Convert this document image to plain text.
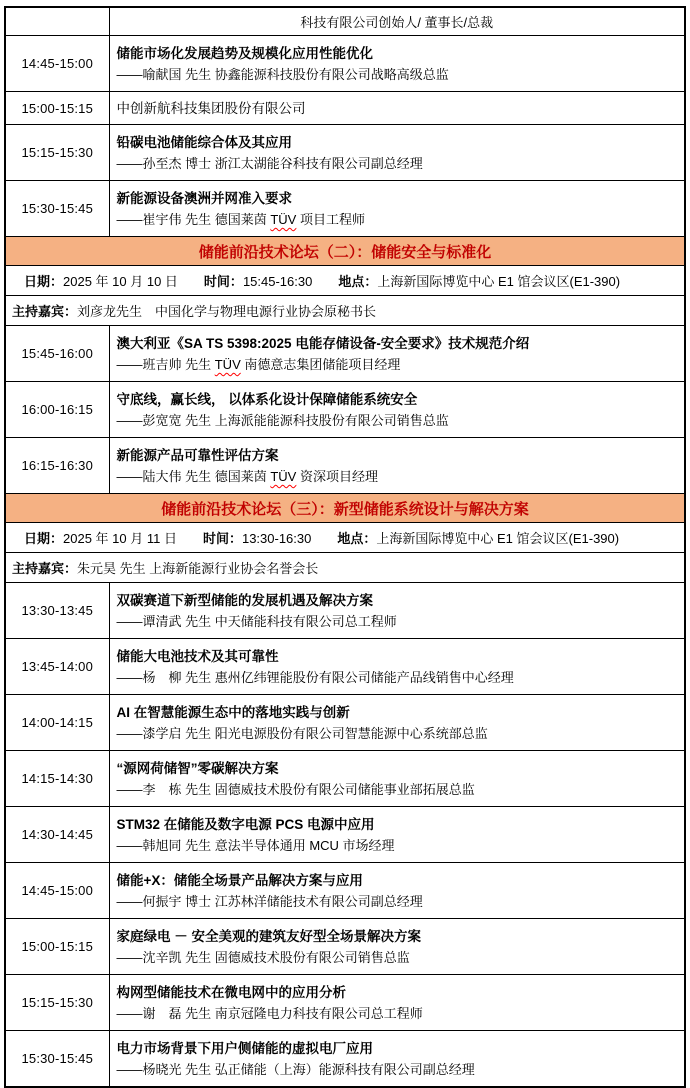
	科技有限公司创始人/ 董事长/总裁
14:45-15:00	储能市场化发展趋势及规模化应用性能优化
——喻献国 先生 协鑫能源科技股份有限公司战略高级总监

15:00-15:15	中创新航科技集团股份有限公司

15:15-15:30	铅碳电池储能综合体及其应用
——孙至杰 博士 浙江太湖能谷科技有限公司副总经理

15:30-15:45	新能源设备澳洲并网准入要求
——崔宇伟 先生 德国莱茵 TÜV 项目工程师

储能前沿技术论坛（二）：储能安全与标准化	
日期：2025 年 10 月 10 日 时间：15:45-16:30 地点：上海新国际博览中心 E1 馆会议区(E1-390)	
主持嘉宾：刘彦龙先生　中国化学与物理电源行业协会原秘书长	
15:45-16:00	澳大利亚《SA TS 5398:2025 电能存储设备-安全要求》技术规范介绍
——班吉帅 先生 TÜV 南德意志集团储能项目经理

16:00-16:15	守底线，赢长线， 以体系化设计保障储能系统安全
——彭宽宽 先生 上海派能能源科技股份有限公司销售总监

16:15-16:30	新能源产品可靠性评估方案
——陆大伟 先生 德国莱茵 TÜV 资深项目经理

储能前沿技术论坛（三）：新型储能系统设计与解决方案	
日期：2025 年 10 月 11 日 时间：13:30-16:30 地点：上海新国际博览中心 E1 馆会议区(E1-390)	
主持嘉宾：朱元昊 先生 上海新能源行业协会名誉会长	
13:30-13:45	双碳赛道下新型储能的发展机遇及解决方案
——谭清武 先生 中天储能科技有限公司总工程师

13:45-14:00	储能大电池技术及其可靠性
——杨　柳 先生 惠州亿纬锂能股份有限公司储能产品线销售中心经理

14:00-14:15	AI 在智慧能源生态中的落地实践与创新
——漆学启 先生 阳光电源股份有限公司智慧能源中心系统部总监

14:15-14:30	“源网荷储智”零碳解决方案
——李　栋 先生 固德威技术股份有限公司储能事业部拓展总监

14:30-14:45	STM32 在储能及数字电源 PCS 电源中应用
——韩旭同 先生 意法半导体通用 MCU 市场经理

14:45-15:00	储能+X：储能全场景产品解决方案与应用
——何振宇 博士 江苏林洋储能技术有限公司副总经理

15:00-15:15	家庭绿电 － 安全美观的建筑友好型全场景解决方案
——沈辛凯 先生 固德威技术股份有限公司销售总监

15:15-15:30	构网型储能技术在微电网中的应用分析
——谢　磊 先生 南京冠隆电力科技有限公司总工程师

15:30-15:45	电力市场背景下用户侧储能的虚拟电厂应用
——杨晓光 先生 弘正储能（上海）能源科技有限公司副总经理
